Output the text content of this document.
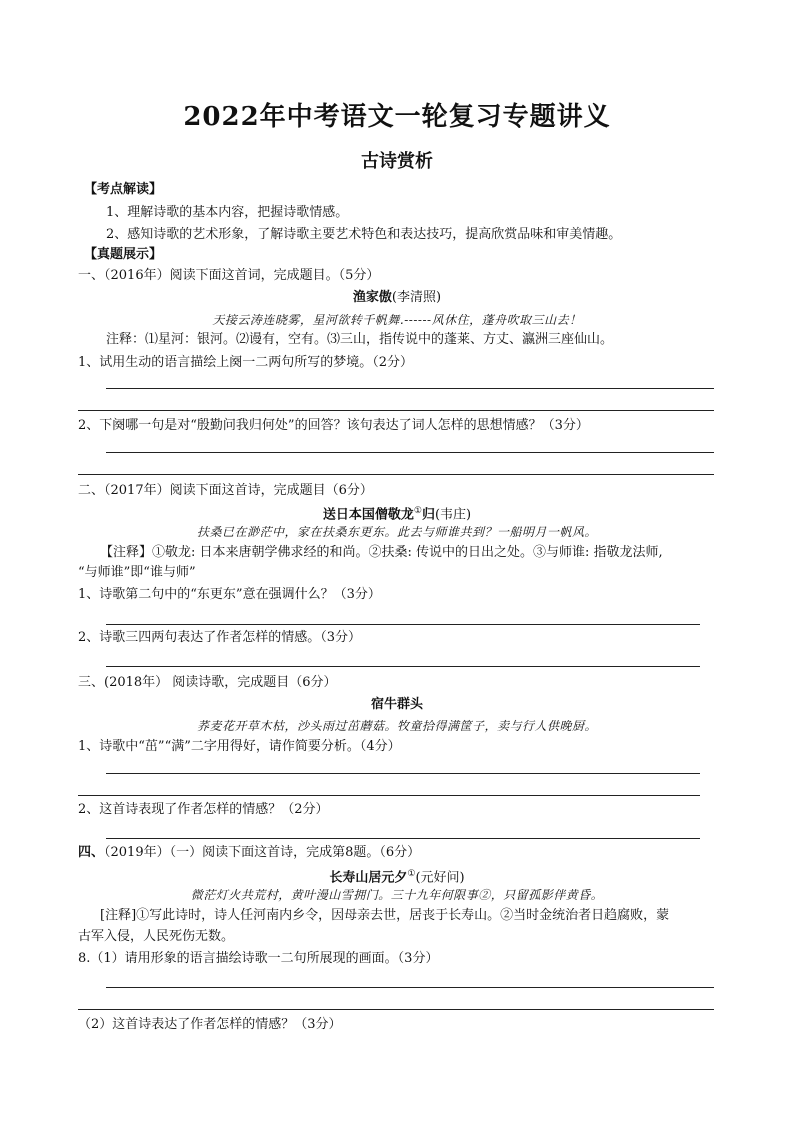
2022年中考语文一轮复习专题讲义
古诗赏析
【考点解读】
1、理解诗歌的基本内容，把握诗歌情感。
2、感知诗歌的艺术形象，了解诗歌主要艺术特色和表达技巧，提高欣赏品味和审美情趣。
【真题展示】
一、（2016年）阅读下面这首词，完成题目。（5分）
渔家傲(李清照)
天接云涛连晓雾，星河欲转千帆舞.------风休住，蓬舟吹取三山去！
注释：⑴星河：银河。⑵谩有，空有。⑶三山，指传说中的蓬莱、方丈、瀛洲三座仙山。
1、试用生动的语言描绘上阕一二两句所写的梦境。（2分）
2、下阕哪一句是对“殷勤问我归何处”的回答？该句表达了词人怎样的思想情感？（3分）
二、（2017年）阅读下面这首诗，完成题目（6分）
送日本国僧敬龙①归(韦庄)
扶桑已在渺茫中，家在扶桑东更东。此去与师谁共到？一船明月一帆风。
【注释】①敬龙: 日本来唐朝学佛求经的和尚。②扶桑: 传说中的日出之处。③与师谁: 指敬龙法师,
“与师谁”即“谁与师”
1、诗歌第二句中的“东更东”意在强调什么？（3分）
2、诗歌三四两句表达了作者怎样的情感。（3分）
三、(2018年） 阅读诗歌，完成题目（6分）
宿牛群头
荞麦花开草木枯，沙头雨过茁蘑菇。牧童拾得满筐子，卖与行人供晚厨。
1、诗歌中“茁”“满”二字用得好，请作简要分析。（4分）
2、这首诗表现了作者怎样的情感？（2分）
四、（2019年）（一）阅读下面这首诗，完成第8题。（6分）
长寿山居元夕①(元好问)
微茫灯火共荒村，黄叶漫山雪拥门。三十九年何限事②，只留孤影伴黄昏。
[注释]①写此诗时，诗人任河南内乡令，因母亲去世，居丧于长寿山。②当时金统治者日趋腐败，蒙
古军入侵，人民死伤无数。
8.（1）请用形象的语言描绘诗歌一二句所展现的画面。（3分）
（2）这首诗表达了作者怎样的情感？（3分）
